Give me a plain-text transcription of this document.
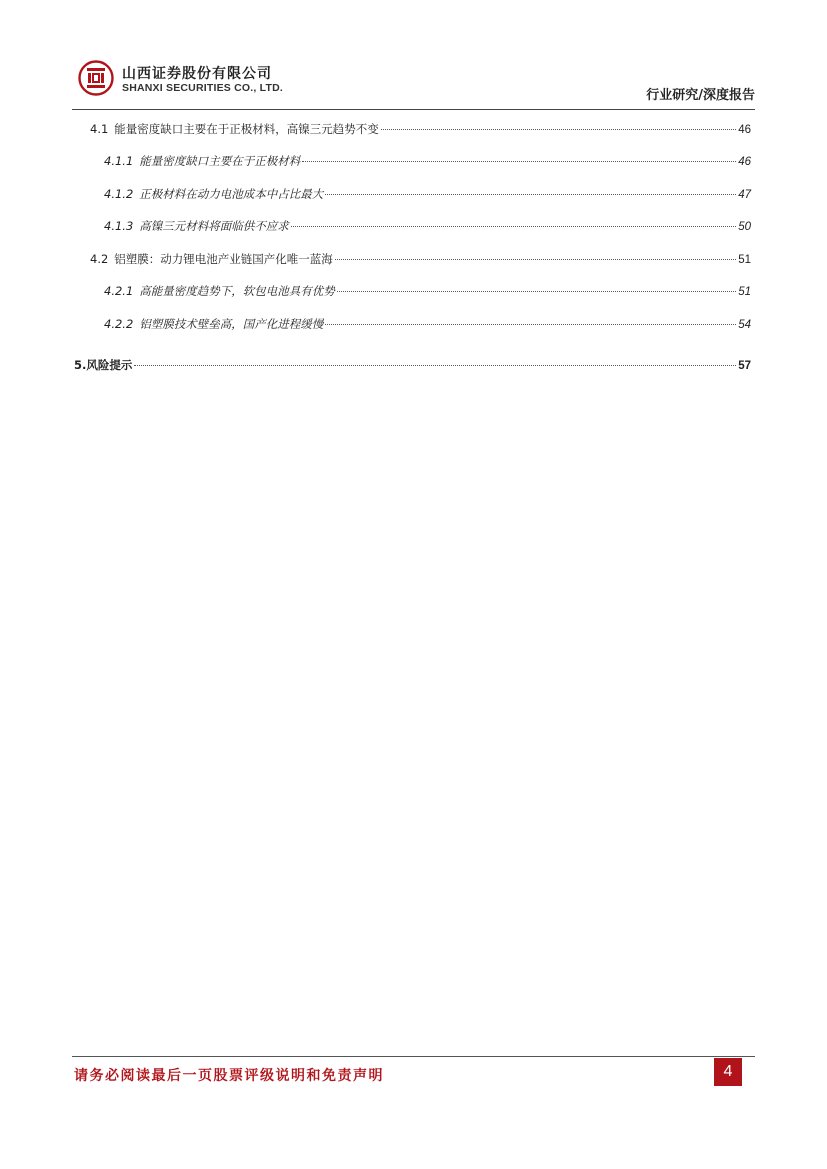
山西证券股份有限公司
SHANXI SECURITIES CO., LTD.	行业研究/深度报告
4.1 能量密度缺口主要在于正极材料，高镍三元趋势不变	46
4.1.1 能量密度缺口主要在于正极材料	46
4.1.2 正极材料在动力电池成本中占比最大	47
4.1.3 高镍三元材料将面临供不应求	50
4.2 铝塑膜：动力锂电池产业链国产化唯一蓝海	51
4.2.1 高能量密度趋势下，软包电池具有优势	51
4.2.2 铝塑膜技术壁垒高，国产化进程缓慢	54
5.风险提示	57
请务必阅读最后一页股票评级说明和免责声明	4
